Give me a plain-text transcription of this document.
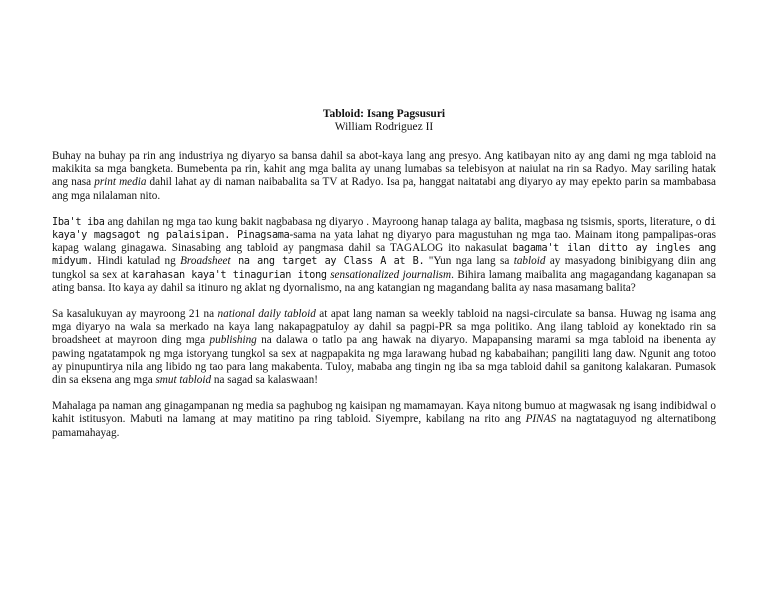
Tabloid: Isang Pagsusuri
William Rodriguez II

Buhay na buhay pa rin ang industriya ng diyaryo sa bansa dahil sa abot-kaya lang ang presyo. Ang katibayan nito ay ang dami ng mga tabloid na makikita sa mga bangketa. Bumebenta pa rin, kahit ang mga balita ay unang lumabas sa telebisyon at naiulat na rin sa Radyo. May sariling hatak ang nasa print media dahil lahat ay di naman naibabalita sa TV at Radyo. Isa pa, hanggat naitatabi ang diyaryo ay may epekto parin sa mambabasa ang mga nilalaman nito.

Iba't iba ang dahilan ng mga tao kung bakit nagbabasa ng diyaryo . Mayroong hanap talaga ay balita, magbasa ng tsismis, sports, literature, o di kaya'y magsagot ng palaisipan. Pinagsama-sama na yata lahat ng diyaryo para magustuhan ng mga tao. Mainam itong pampalipas-oras kapag walang ginagawa. Sinasabing ang tabloid ay pangmasa dahil sa TAGALOG ito nakasulat bagama't ilan ditto ay ingles ang midyum. Hindi katulad ng Broadsheet na ang target ay Class A at B. "Yun nga lang sa tabloid ay masyadong binibigyang diin ang tungkol sa sex at karahasan kaya't tinagurian itong sensationalized journalism. Bihira lamang maibalita ang magagandang kaganapan sa ating bansa. Ito kaya ay dahil sa itinuro ng aklat ng dyornalismo, na ang katangian ng magandang balita ay nasa masamang balita?

Sa kasalukuyan ay mayroong 21 na national daily tabloid at apat lang naman sa weekly tabloid na nagsi-circulate sa bansa. Huwag ng isama ang mga diyaryo na wala sa merkado na kaya lang nakapagpatuloy ay dahil sa pagpi-PR sa mga politiko. Ang ilang tabloid ay konektado rin sa broadsheet at mayroon ding mga publishing na dalawa o tatlo pa ang hawak na diyaryo. Mapapansing marami sa mga tabloid na ibenenta ay pawing ngatatampok ng mga istoryang tungkol sa sex at nagpapakita ng mga larawang hubad ng kababaihan; pangiliti lang daw. Ngunit ang totoo ay pinupuntirya nila ang libido ng tao para lang makabenta. Tuloy, mababa ang tingin ng iba sa mga tabloid dahil sa ganitong kalakaran. Pumasok din sa eksena ang mga smut tabloid na sagad sa kalaswaan!

Mahalaga pa naman ang ginagampanan ng media sa paghubog ng kaisipan ng mamamayan. Kaya nitong bumuo at magwasak ng isang indibidwal o kahit istitusyon. Mabuti na lamang at may matitino pa ring tabloid. Siyempre, kabilang na rito ang PINAS na nagtataguyod ng alternatibong pamamahayag.
